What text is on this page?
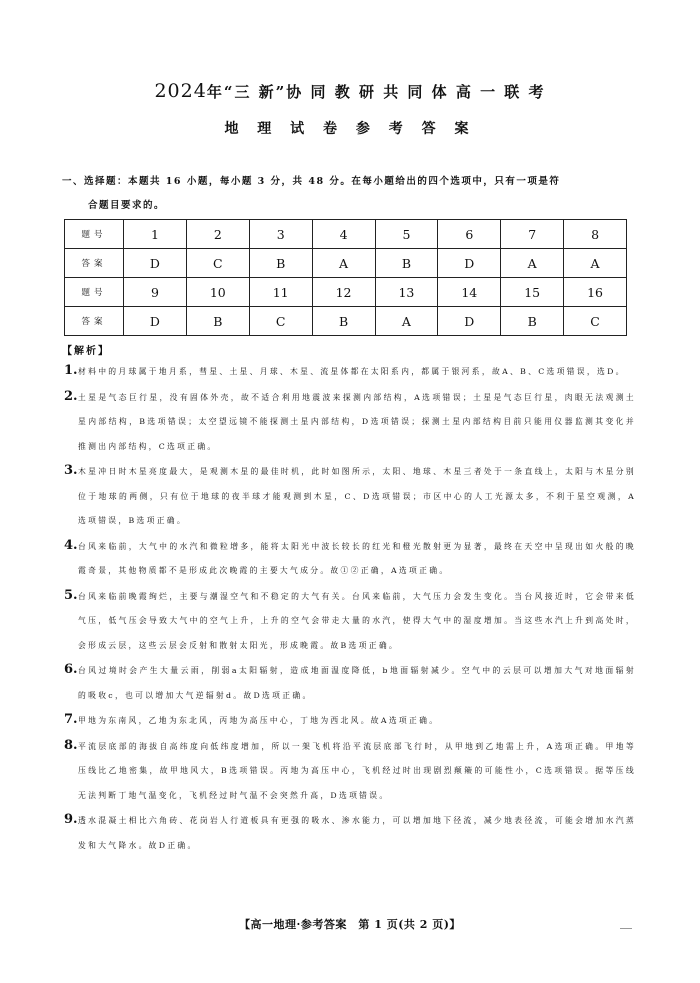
2024年“三 新”协 同 教 研 共 同 体 高 一 联 考
地 理 试 卷 参 考 答 案
一、选择题：本题共 16 小题，每小题 3 分，共 48 分。在每小题给出的四个选项中，只有一项是符
合题目要求的。
题号	1	2	3	4	5	6	7	8
答案	D	C	B	A	B	D	A	A
题号	9	10	11	12	13	14	15	16
答案	D	B	C	B	A	D	B	C
【解析】
1. 材料中的月球属于地月系，彗星、土星、月球、木星、流星体都在太阳系内，都属于银河系，故A、B、C选项错误，选D。
2. 土星是气态巨行星，没有固体外壳，故不适合利用地震波来探测内部结构，A选项错误；土星是气态巨行星，肉眼无法观测土星内部结构，B选项错误；太空望远镜不能探测土星内部结构，D选项错误；探测土星内部结构目前只能用仪器监测其变化并推测出内部结构，C选项正确。
3. 木星冲日时木星亮度最大，是观测木星的最佳时机，此时如图所示，太阳、地球、木星三者处于一条直线上，太阳与木星分别位于地球的两侧，只有位于地球的夜半球才能观测到木星，C、D选项错误；市区中心的人工光源太多，不利于星空观测，A选项错误，B选项正确。
4. 台风来临前，大气中的水汽和微粒增多，能将太阳光中波长较长的红光和橙光散射更为显著，最终在天空中呈现出如火般的晚霞奇景，其他物质都不是形成此次晚霞的主要大气成分。故①②正确，A选项正确。
5. 台风来临前晚霞绚烂，主要与潮湿空气和不稳定的大气有关。台风来临前，大气压力会发生变化。当台风接近时，它会带来低气压，低气压会导致大气中的空气上升，上升的空气会带走大量的水汽，使得大气中的湿度增加。当这些水汽上升到高处时，会形成云层，这些云层会反射和散射太阳光，形成晚霞。故B选项正确。
6. 台风过境时会产生大量云雨，削弱a太阳辐射，造成地面温度降低，b地面辐射减少。空气中的云层可以增加大气对地面辐射的吸收c，也可以增加大气逆辐射d。故D选项正确。
7. 甲地为东南风，乙地为东北风，丙地为高压中心，丁地为西北风。故A选项正确。
8. 平流层底部的海拔自高纬度向低纬度增加，所以一架飞机将沿平流层底部飞行时，从甲地到乙地需上升，A选项正确。甲地等压线比乙地密集，故甲地风大，B选项错误。丙地为高压中心，飞机经过时出现剧烈颠簸的可能性小，C选项错误。据等压线无法判断丁地气温变化，飞机经过时气温不会突然升高，D选项错误。
9. 透水混凝土相比六角砖、花岗岩人行道板具有更强的吸水、渗水能力，可以增加地下径流，减少地表径流，可能会增加水汽蒸发和大气降水。故D正确。
【高一地理·参考答案　第 1 页(共 2 页)】
